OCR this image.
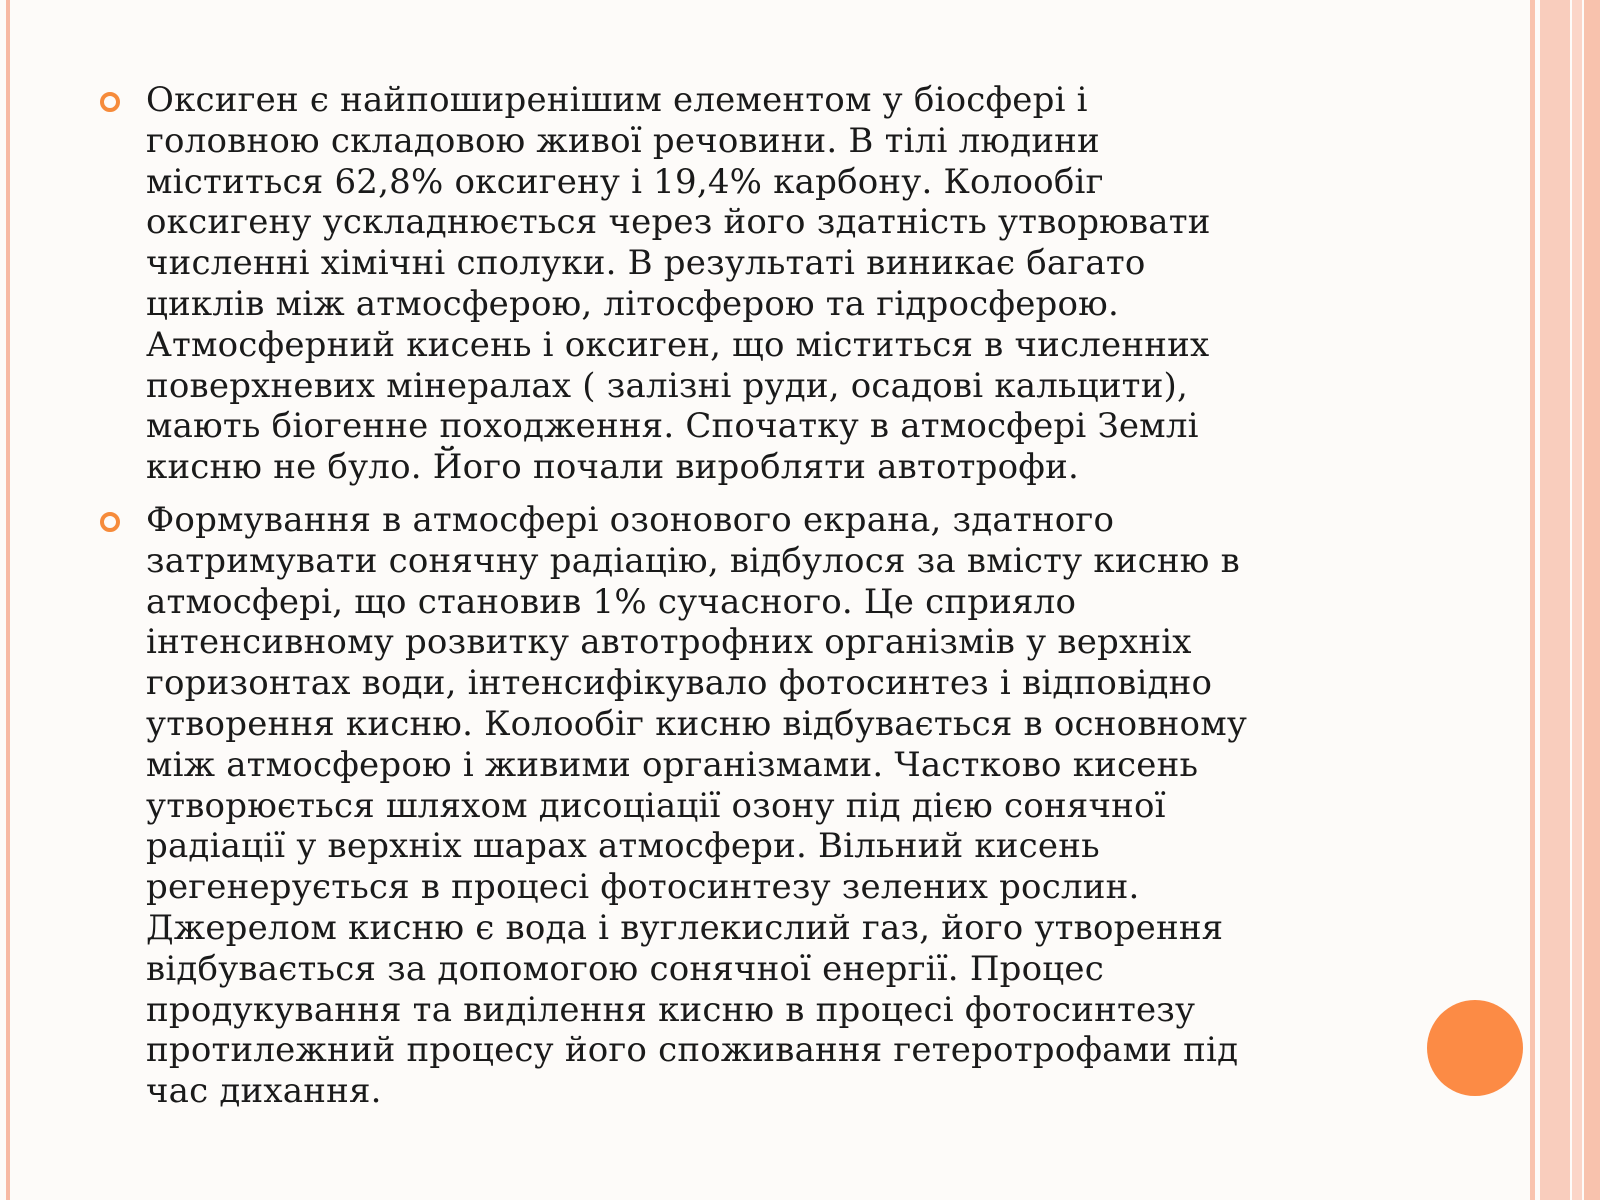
Оксиген є найпоширенішим елементом у біосфері і
головною складовою живої речовини. В тілі людини
міститься 62,8% оксигену і 19,4% карбону. Колообіг
оксигену ускладнюється через його здатність утворювати
численні хімічні сполуки. В результаті виникає багато
циклів між атмосферою, літосферою та гідросферою.
Атмосферний кисень і оксиген, що міститься в численних
поверхневих мінералах ( залізні руди, осадові кальцити),
мають біогенне походження. Спочатку в атмосфері Землі
кисню не було. Його почали виробляти автотрофи.
Формування в атмосфері озонового екрана, здатного
затримувати сонячну радіацію, відбулося за вмісту кисню в
атмосфері, що становив 1% сучасного. Це сприяло
інтенсивному розвитку автотрофних організмів у верхніх
горизонтах води, інтенсифікувало фотосинтез і відповідно
утворення кисню. Колообіг кисню відбувається в основному
між атмосферою і живими організмами. Частково кисень
утворюється шляхом дисоціації озону під дією сонячної
радіації у верхніх шарах атмосфери. Вільний кисень
регенерується в процесі фотосинтезу зелених рослин.
Джерелом кисню є вода і вуглекислий газ, його утворення
відбувається за допомогою сонячної енергії. Процес
продукування та виділення кисню в процесі фотосинтезу
протилежний процесу його споживання гетеротрофами під
час дихання.
